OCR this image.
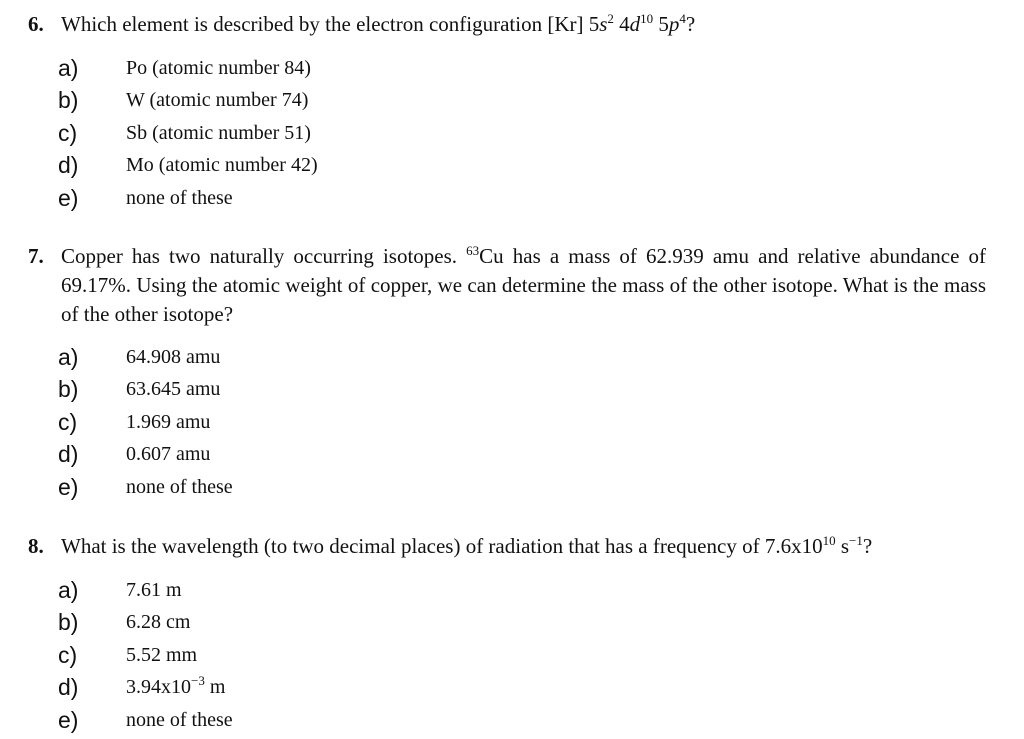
6. Which element is described by the electron configuration [Kr] $5s^2$ $4d^{10}$ $5p^4$?
a) Po (atomic number 84)
b) W (atomic number 74)
c) Sb (atomic number 51)
d) Mo (atomic number 42)
e) none of these
7. Copper has two naturally occurring isotopes. $^{63}$Cu has a mass of 62.939 amu and relative abundance of 69.17%. Using the atomic weight of copper, we can determine the mass of the other isotope. What is the mass of the other isotope?
a) 64.908 amu
b) 63.645 amu
c) 1.969 amu
d) 0.607 amu
e) none of these
8. What is the wavelength (to two decimal places) of radiation that has a frequency of $7.6x10^{10}$ $s^{-1}$?
a) 7.61 m
b) 6.28 cm
c) 5.52 mm
d) $3.94x10^{-3}$ m
e) none of these
